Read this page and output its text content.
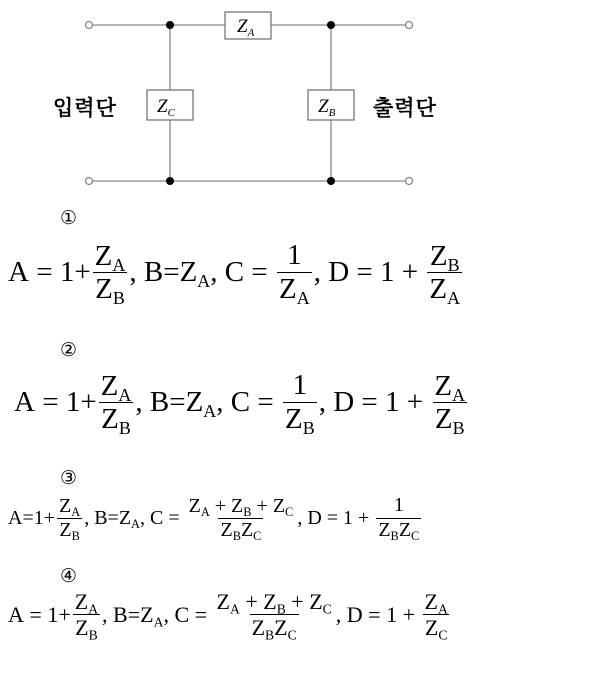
$Z_A$
$Z_C$	$Z_B$
입력단	출력단
①
A
=
$1 + \frac{Z_A}{Z_B}$ , $B = Z_A$ , C
=
$\frac{1}{Z_A}$ , D
=
1
+
$\frac{Z_B}{Z_A}$
②
A
=
$1 + \frac{Z_A}{Z_B}$ , $B = Z_A$ , C
=
$\frac{1}{Z_B}$ , D
=
1
+
$\frac{Z_A}{Z_B}$
③
$A = 1 + \frac{Z_A}{Z_B}$ , $B = Z_A$ , C
=
$\frac{Z_A + Z_B + Z_C}{Z_BZ_C}$ , D
=
1
+
$\frac{1}{Z_BZ_C}$
④
A
=
$1 + \frac{Z_A}{Z_B}$ , $B = Z_A$ , C
=
$\frac{Z_A + Z_B + Z_C}{Z_BZ_C}$ , D
=
1
+
$\frac{Z_A}{Z_C}$
